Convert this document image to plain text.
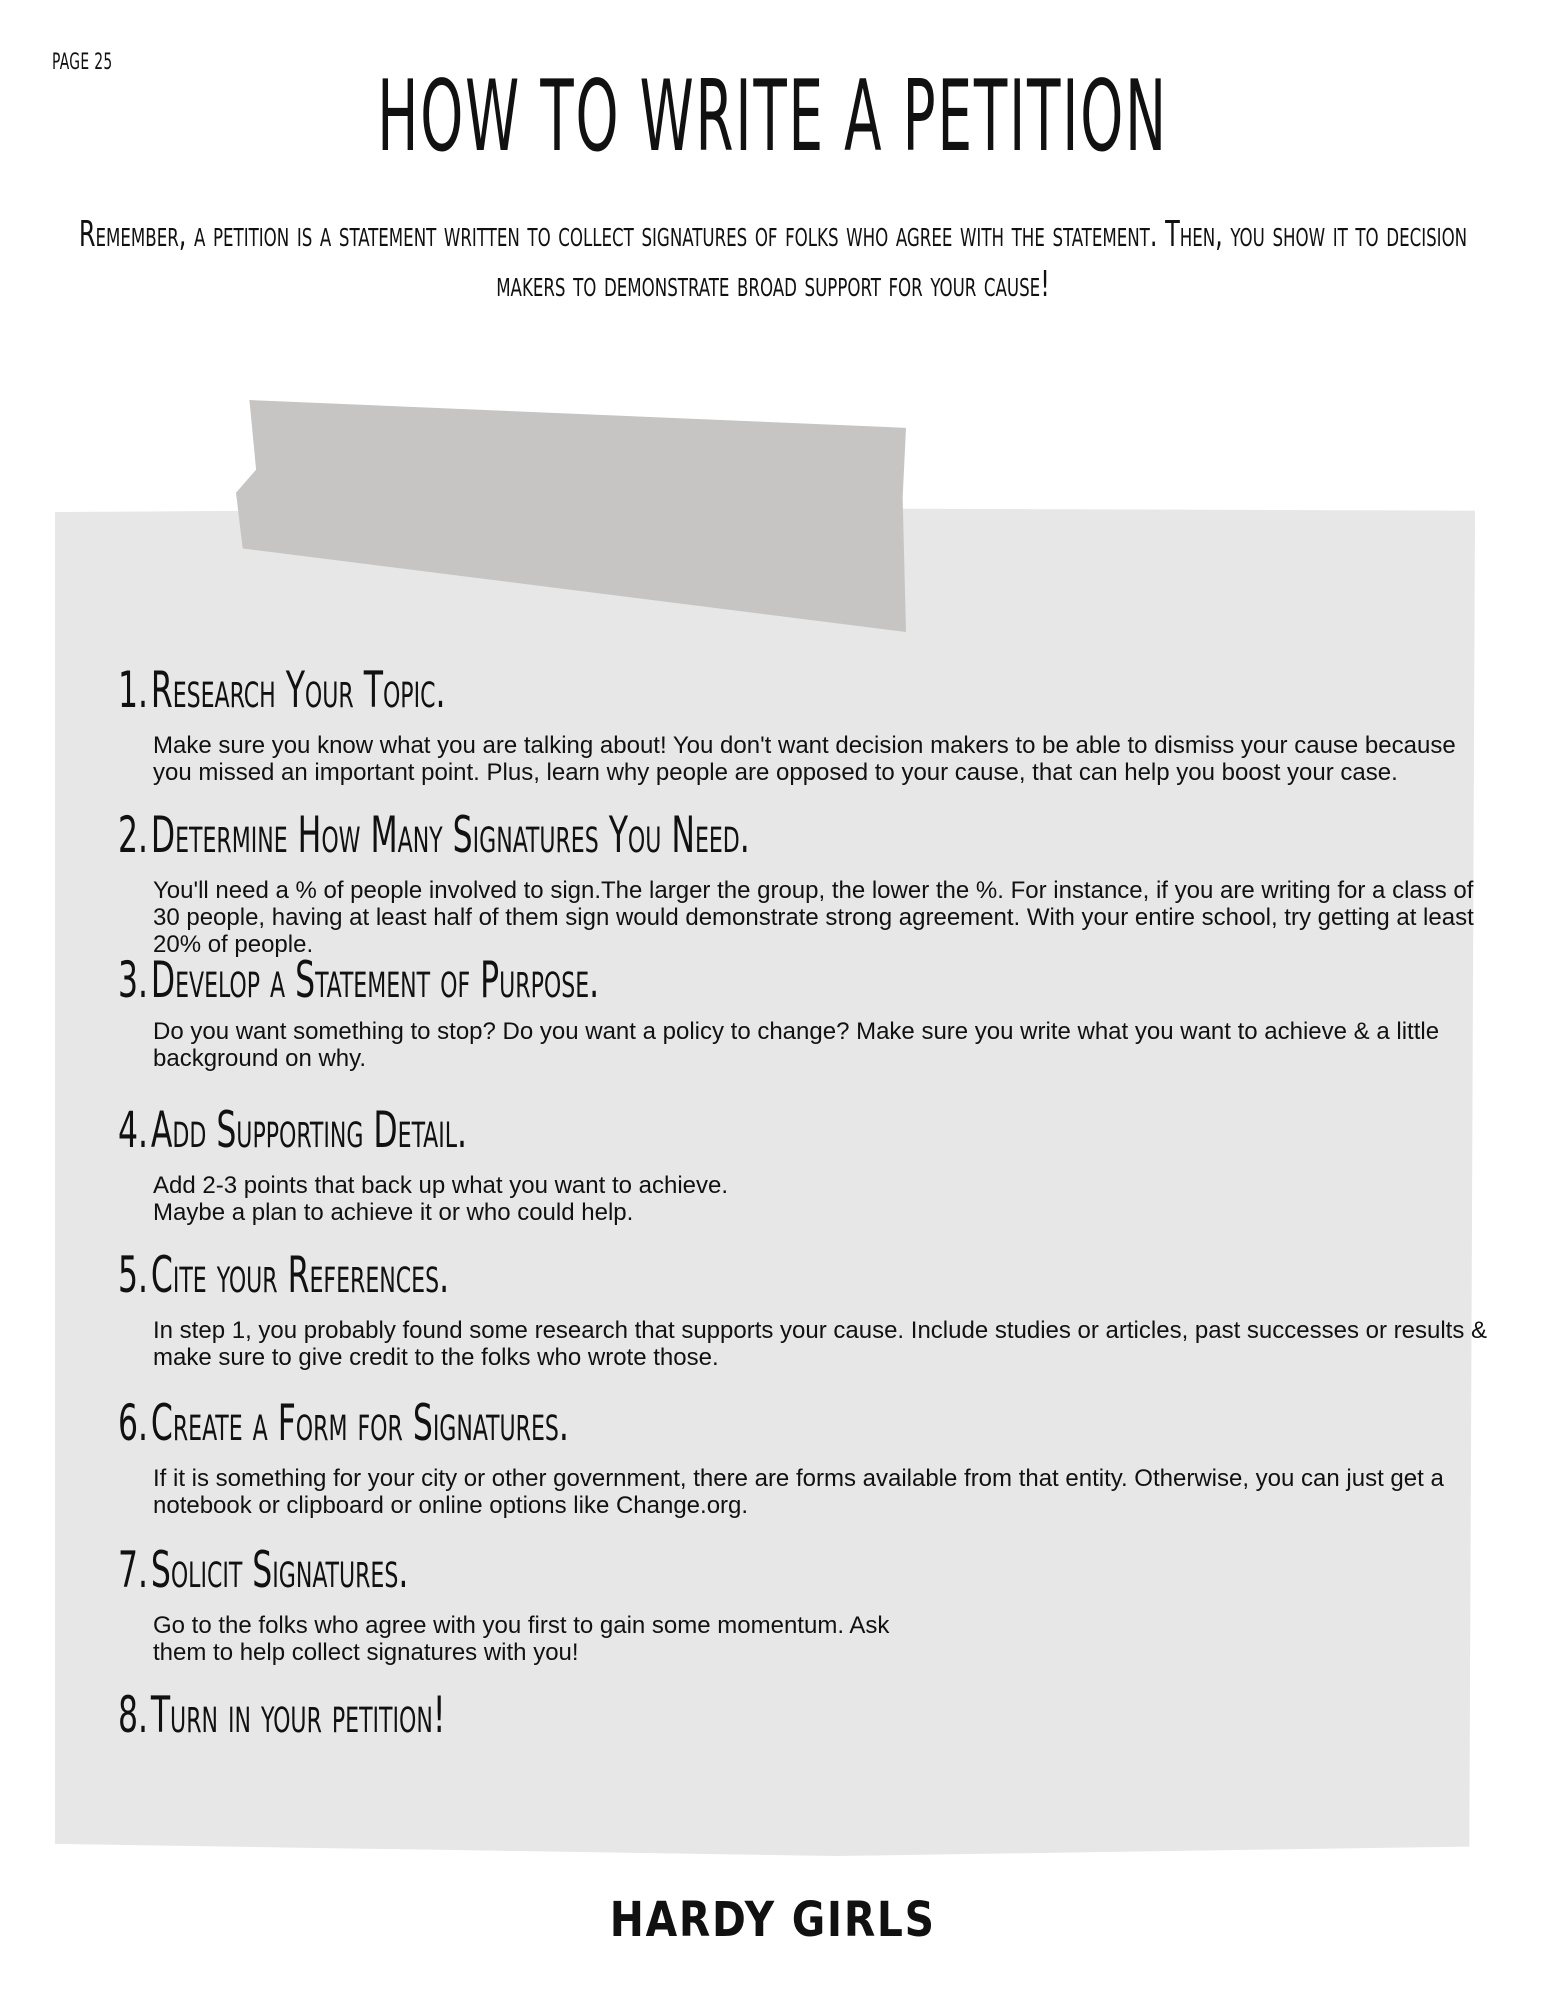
PAGE 25	HOW TO WRITE A PETITION
Remember, a petition is a statement written to collect signatures of folks who agree with the statement. Then, you show it to decision makers to demonstrate broad support for your cause!
1.Research Your Topic.

Make sure you know what you are talking about! You don't want decision makers to be able to dismiss your cause because you missed an important point. Plus, learn why people are opposed to your cause, that can help you boost your case.

2.Determine How Many Signatures You Need.

You'll need a % of people involved to sign.The larger the group, the lower the %. For instance, if you are writing for a class of 30 people, having at least half of them sign would demonstrate strong agreement. With your entire school, try getting at least 20% of people.

3.Develop a Statement of Purpose.

Do you want something to stop? Do you want a policy to change? Make sure you write what you want to achieve & a little background on why.

4.Add Supporting Detail.

Add 2-3 points that back up what you want to achieve.

Maybe a plan to achieve it or who could help.

5.Cite your References.

In step 1, you probably found some research that supports your cause. Include studies or articles, past successes or results & make sure to give credit to the folks who wrote those.

6.Create a Form for Signatures.

If it is something for your city or other government, there are forms available from that entity. Otherwise, you can just get a notebook or clipboard or online options like Change.org.

7.Solicit Signatures.

Go to the folks who agree with you first to gain some momentum. Ask

them to help collect signatures with you!

8.Turn in your petition!
HARDY GIRLS
